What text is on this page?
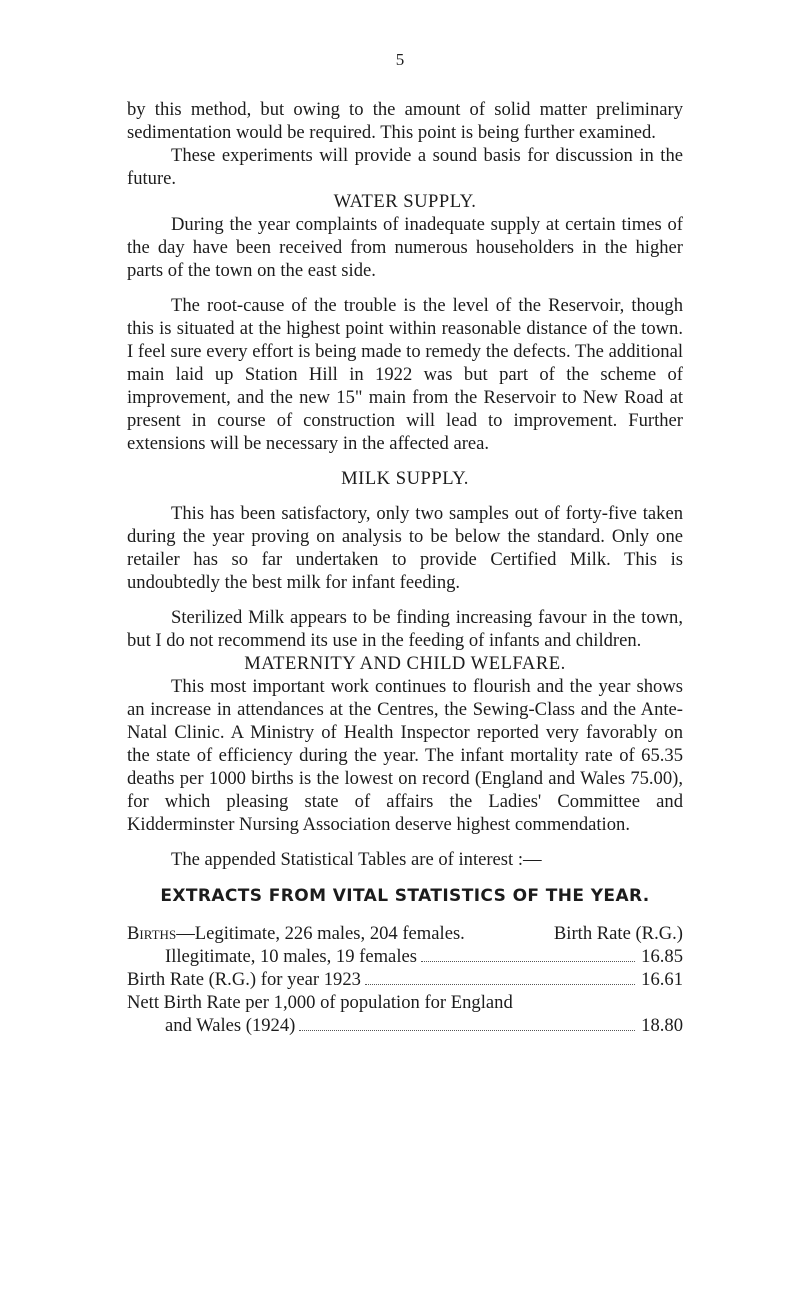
5

by this method, but owing to the amount of solid matter preliminary sedimentation would be required. This point is being further examined.

These experiments will provide a sound basis for discussion in the future.

WATER SUPPLY.

During the year complaints of inadequate supply at certain times of the day have been received from numerous householders in the higher parts of the town on the east side.

The root-cause of the trouble is the level of the Reservoir, though this is situated at the highest point within reasonable distance of the town. I feel sure every effort is being made to remedy the defects. The additional main laid up Station Hill in 1922 was but part of the scheme of improvement, and the new 15" main from the Reservoir to New Road at present in course of construction will lead to improvement. Further extensions will be necessary in the affected area.

MILK SUPPLY.

This has been satisfactory, only two samples out of forty-five taken during the year proving on analysis to be below the standard. Only one retailer has so far undertaken to provide Certified Milk. This is undoubtedly the best milk for infant feeding.

Sterilized Milk appears to be finding increasing favour in the town, but I do not recommend its use in the feeding of infants and children.

MATERNITY AND CHILD WELFARE.

This most important work continues to flourish and the year shows an increase in attendances at the Centres, the Sewing-Class and the Ante-Natal Clinic. A Ministry of Health Inspector reported very favorably on the state of efficiency during the year. The infant mortality rate of 65.35 deaths per 1000 births is the lowest on record (England and Wales 75.00), for which pleasing state of affairs the Ladies' Committee and Kidderminster Nursing Association deserve highest commendation.

The appended Statistical Tables are of interest :—

EXTRACTS FROM VITAL STATISTICS OF THE YEAR.
Births—Legitimate, 226 males, 204 females.	Birth Rate (R.G.)
Illegitimate, 10 males, 19 females	16.85
Birth Rate (R.G.) for year 1923	16.61
Nett Birth Rate per 1,000 of population for England
and Wales (1924)	18.80
